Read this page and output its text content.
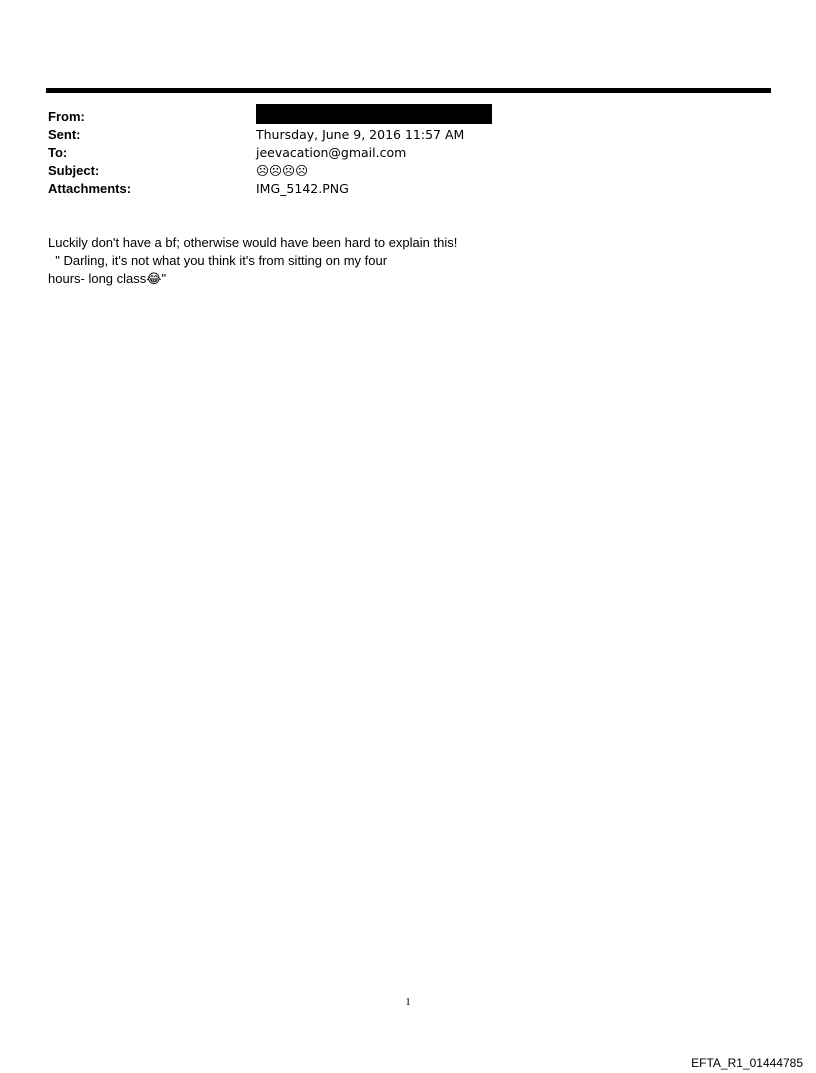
From:
Sent:	Thursday, June 9, 2016 11:57 AM
To:	jeevacation@gmail.com
Subject:	☹☹☹☹
Attachments:	IMG_5142.PNG
Luckily don't have a bf; otherwise would have been hard to explain this!
" Darling, it's not what you think it's from sitting on my four
hours- long class😂"
1
EFTA_R1_01444785
